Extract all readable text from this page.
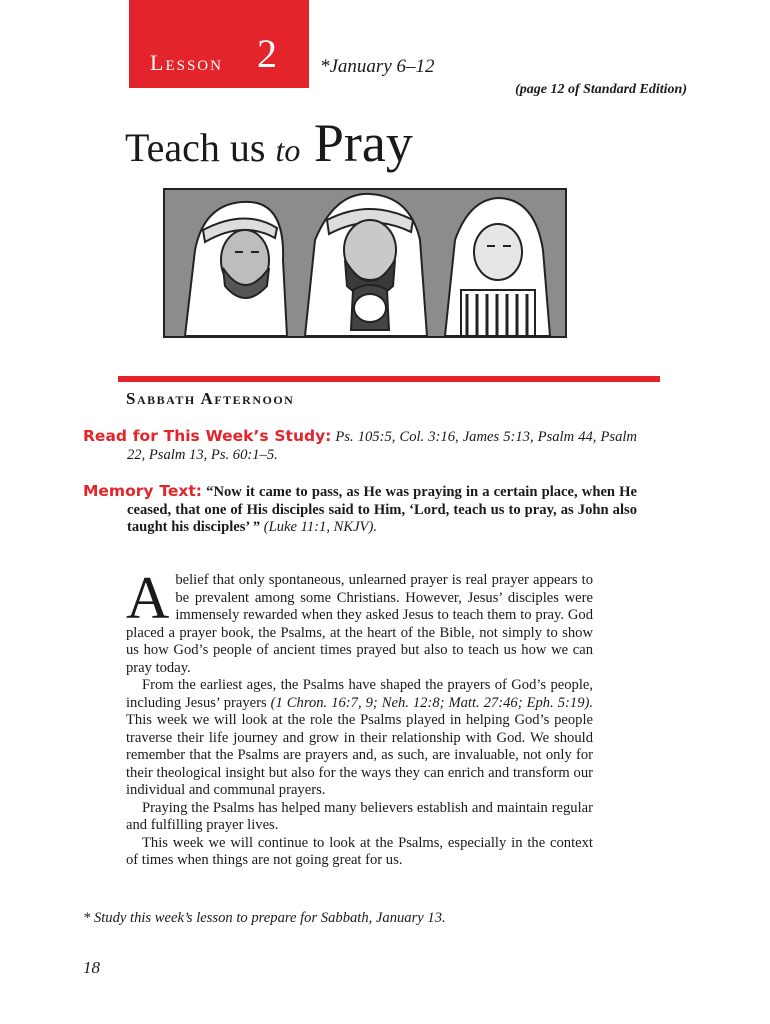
Lesson 2 *January 6–12
(page 12 of Standard Edition)
Teach us to Pray
Sabbath Afternoon
Read for This Week’s Study: Ps. 105:5, Col. 3:16, James 5:13, Psalm 44, Psalm 22, Psalm 13, Ps. 60:1–5.
Memory Text: “Now it came to pass, as He was praying in a certain place, when He ceased, that one of His disciples said to Him, ‘Lord, teach us to pray, as John also taught his disciples’ ” (Luke 11:1, NKJV).

A belief that only spontaneous, unlearned prayer is real prayer appears to be prevalent among some Christians. However, Jesus’ disciples were immensely rewarded when they asked Jesus to teach them to pray. God placed a prayer book, the Psalms, at the heart of the Bible, not simply to show us how God’s people of ancient times prayed but also to teach us how we can pray today.

From the earliest ages, the Psalms have shaped the prayers of God’s people, including Jesus’ prayers (1 Chron. 16:7, 9; Neh. 12:8; Matt. 27:46; Eph. 5:19). This week we will look at the role the Psalms played in helping God’s people traverse their life journey and grow in their relationship with God. We should remember that the Psalms are prayers and, as such, are invaluable, not only for their theological insight but also for the ways they can enrich and transform our individual and communal prayers.

Praying the Psalms has helped many believers establish and maintain regular and fulfilling prayer lives.

This week we will continue to look at the Psalms, especially in the context of times when things are not going great for us.

* Study this week’s lesson to prepare for Sabbath, January 13.
18
